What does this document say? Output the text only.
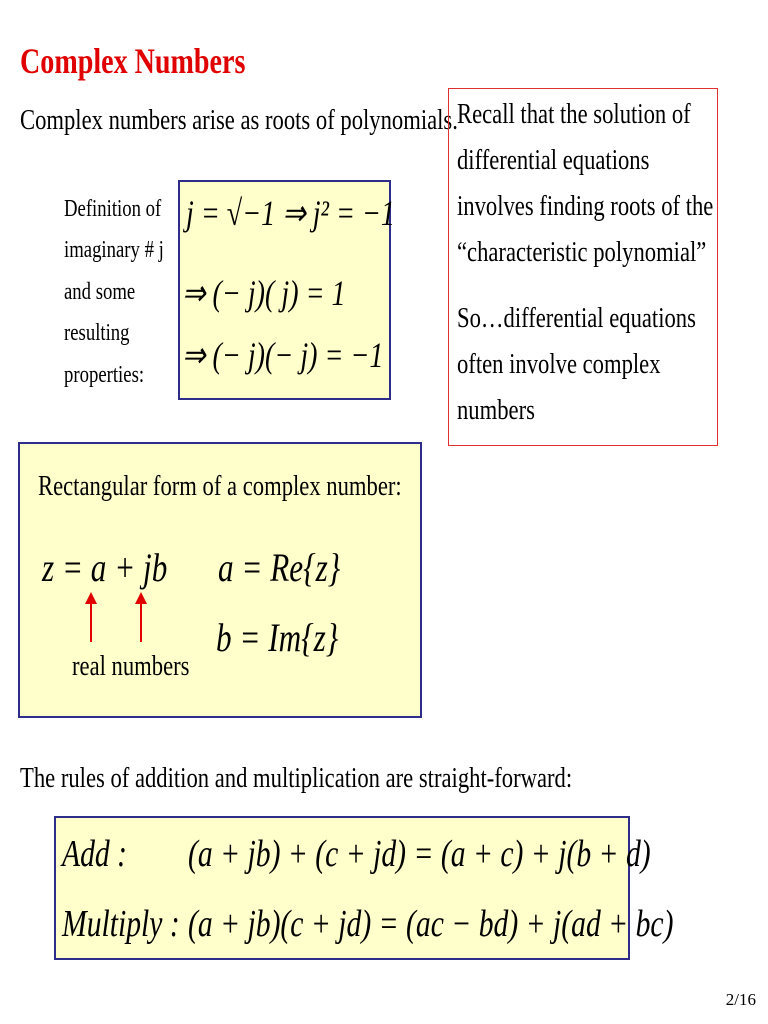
Complex Numbers
Complex numbers arise as roots of polynomials.
Definition of
imaginary # j
and some
resulting
properties:
j = √−1 ⇒ j² = −1
⇒ (− j)( j) = 1
⇒ (− j)(− j) = −1
Recall that the solution of
differential equations
involves finding roots of the
“characteristic polynomial”
So…differential equations
often involve complex
numbers
Rectangular form of a complex number:
z = a + jb	a = Re{z}
b = Im{z}
real numbers
The rules of addition and multiplication are straight-forward:
Add :	(a + jb) + (c + jd) = (a + c) + j(b + d)
Multiply : (a + jb)(c + jd) = (ac − bd) + j(ad + bc)
2/16
